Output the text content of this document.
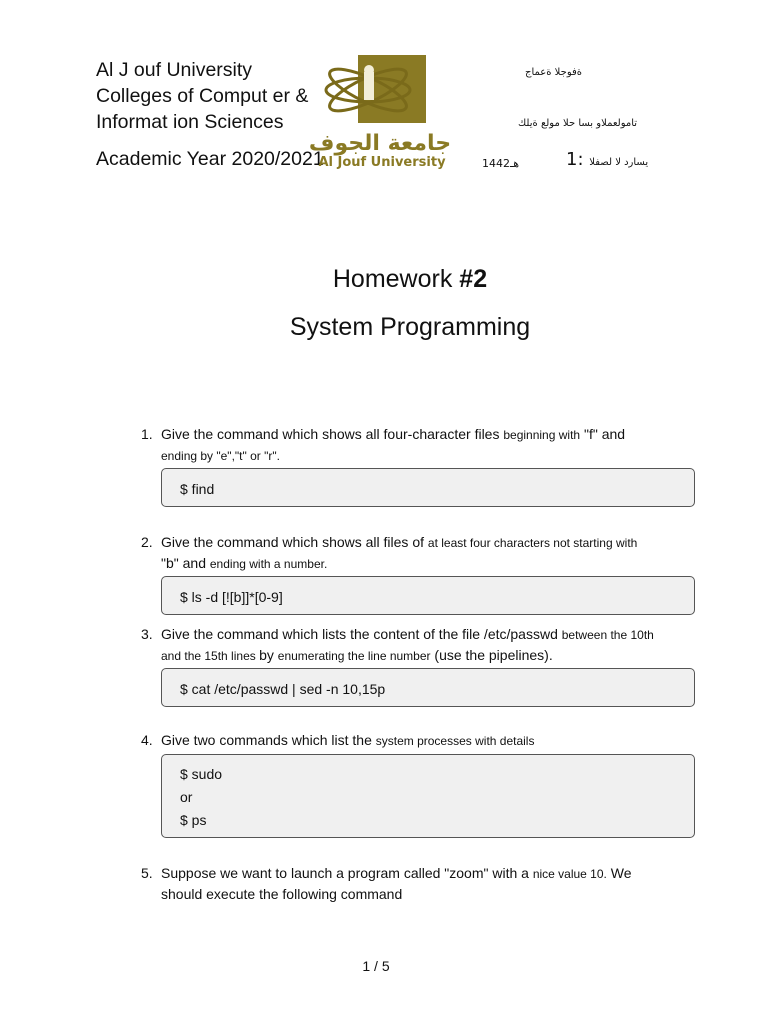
Al J ouf University
Colleges of Comput er &
Informat ion Sciences
Academic Year 2020/2021
جامعة الجوف
Al Jouf University
ةفوجلا ةعماج
تامولعملاو بسا حلا مولع ةيلك
1442هـ	1: يسارد لا لصفلا
Homework #2
System Programming
1. Give the command which shows all four-character files beginning with "f" and
ending by "e","t" or "r".
$ find
2. Give the command which shows all files of at least four characters not starting with
"b" and ending with a number.
$ ls -d [![b]]*[0-9]
3. Give the command which lists the content of the file /etc/passwd between the 10th
and the 15th lines by enumerating the line number (use the pipelines).
$ cat /etc/passwd | sed -n 10,15p
4. Give two commands which list the system processes with details
$ sudo
or
$ ps
5. Suppose we want to launch a program called "zoom" with a nice value 10. We
should execute the following command
1 / 5
